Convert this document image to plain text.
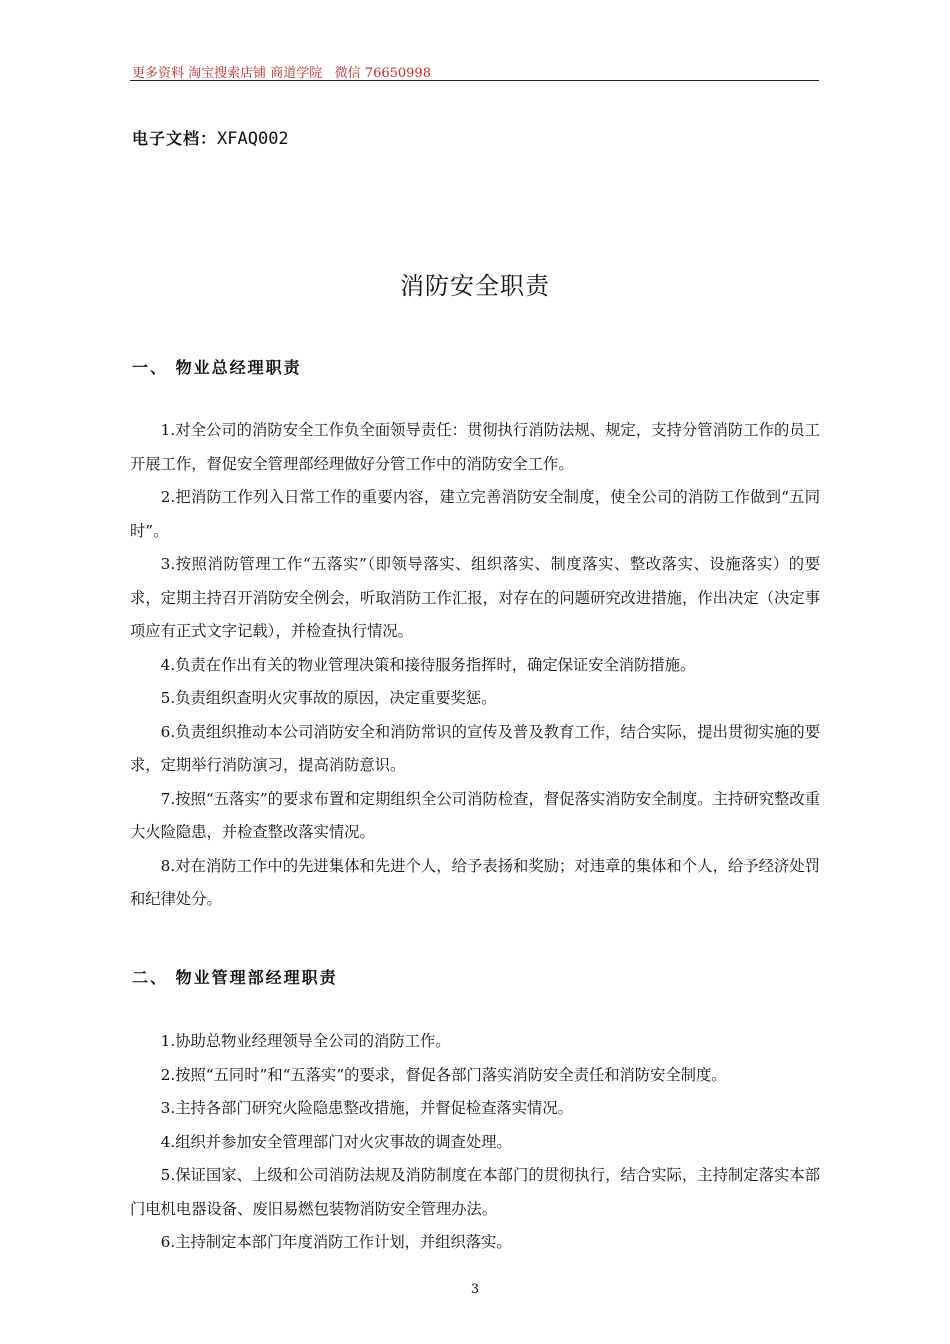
更多资料 淘宝搜索店铺 商道学院   微信 76650998
电子文档：XFAQ002
消防安全职责
一、 物业总经理职责

1.对全公司的消防安全工作负全面领导责任：贯彻执行消防法规、规定，支持分管消防工作的员工开展工作，督促安全管理部经理做好分管工作中的消防安全工作。

2.把消防工作列入日常工作的重要内容，建立完善消防安全制度，使全公司的消防工作做到“五同时”。

3.按照消防管理工作“五落实”（即领导落实、组织落实、制度落实、整改落实、设施落实）的要求，定期主持召开消防安全例会，听取消防工作汇报，对存在的问题研究改进措施，作出决定（决定事项应有正式文字记载），并检查执行情况。

4.负责在作出有关的物业管理决策和接待服务指挥时，确定保证安全消防措施。

5.负责组织查明火灾事故的原因，决定重要奖惩。

6.负责组织推动本公司消防安全和消防常识的宣传及普及教育工作，结合实际，提出贯彻实施的要求，定期举行消防演习，提高消防意识。

7.按照“五落实”的要求布置和定期组织全公司消防检查，督促落实消防安全制度。主持研究整改重大火险隐患，并检查整改落实情况。

8.对在消防工作中的先进集体和先进个人，给予表扬和奖励；对违章的集体和个人，给予经济处罚和纪律处分。

二、 物业管理部经理职责

1.协助总物业经理领导全公司的消防工作。

2.按照“五同时”和“五落实”的要求，督促各部门落实消防安全责任和消防安全制度。

3.主持各部门研究火险隐患整改措施，并督促检查落实情况。

4.组织并参加安全管理部门对火灾事故的调查处理。

5.保证国家、上级和公司消防法规及消防制度在本部门的贯彻执行，结合实际，主持制定落实本部门电机电器设备、废旧易燃包装物消防安全管理办法。

6.主持制定本部门年度消防工作计划，并组织落实。

3
